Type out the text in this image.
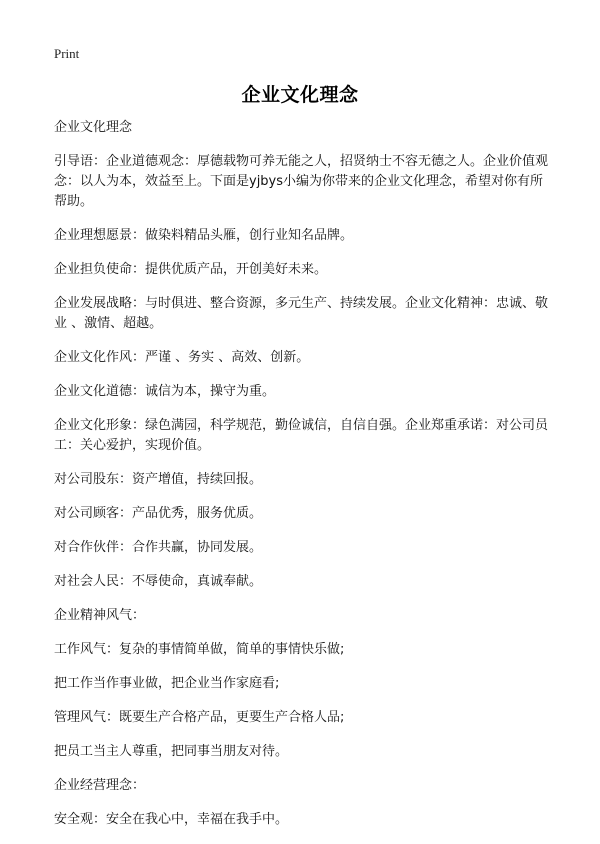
Print
企业文化理念

企业文化理念

引导语：企业道德观念：厚德载物可养无能之人，招贤纳士不容无德之人。企业价值观念：以人为本，效益至上。下面是yjbys小编为你带来的企业文化理念，希望对你有所帮助。

企业理想愿景：做染料精品头雁，创行业知名品牌。

企业担负使命：提供优质产品，开创美好未来。

企业发展战略：与时俱进、整合资源，多元生产、持续发展。企业文化精神：忠诚、敬业 、激情、超越。

企业文化作风：严谨 、务实 、高效、创新。

企业文化道德：诚信为本，操守为重。

企业文化形象：绿色满园，科学规范，勤俭诚信，自信自强。企业郑重承诺：对公司员工：关心爱护，实现价值。

对公司股东：资产增值，持续回报。

对公司顾客：产品优秀，服务优质。

对合作伙伴：合作共赢，协同发展。

对社会人民：不辱使命，真诚奉献。

企业精神风气：

工作风气：复杂的事情简单做，简单的事情快乐做;

把工作当作事业做，把企业当作家庭看;

管理风气：既要生产合格产品，更要生产合格人品;

把员工当主人尊重，把同事当朋友对待。

企业经营理念：

安全观：安全在我心中，幸福在我手中。
